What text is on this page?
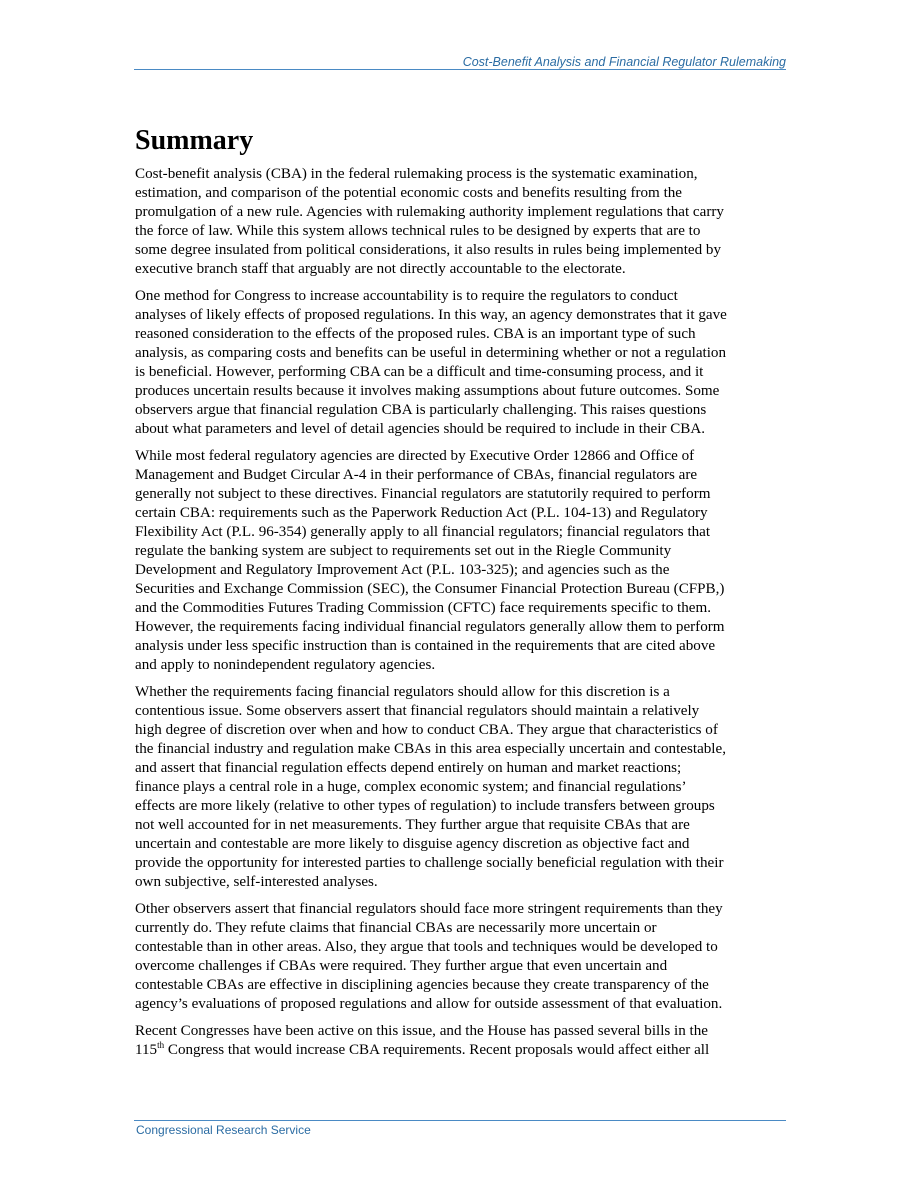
Cost-Benefit Analysis and Financial Regulator Rulemaking
Summary

Cost-benefit analysis (CBA) in the federal rulemaking process is the systematic examination,
estimation, and comparison of the potential economic costs and benefits resulting from the
promulgation of a new rule. Agencies with rulemaking authority implement regulations that carry
the force of law. While this system allows technical rules to be designed by experts that are to
some degree insulated from political considerations, it also results in rules being implemented by
executive branch staff that arguably are not directly accountable to the electorate.

One method for Congress to increase accountability is to require the regulators to conduct
analyses of likely effects of proposed regulations. In this way, an agency demonstrates that it gave
reasoned consideration to the effects of the proposed rules. CBA is an important type of such
analysis, as comparing costs and benefits can be useful in determining whether or not a regulation
is beneficial. However, performing CBA can be a difficult and time-consuming process, and it
produces uncertain results because it involves making assumptions about future outcomes. Some
observers argue that financial regulation CBA is particularly challenging. This raises questions
about what parameters and level of detail agencies should be required to include in their CBA.

While most federal regulatory agencies are directed by Executive Order 12866 and Office of
Management and Budget Circular A-4 in their performance of CBAs, financial regulators are
generally not subject to these directives. Financial regulators are statutorily required to perform
certain CBA: requirements such as the Paperwork Reduction Act (P.L. 104-13) and Regulatory
Flexibility Act (P.L. 96-354) generally apply to all financial regulators; financial regulators that
regulate the banking system are subject to requirements set out in the Riegle Community
Development and Regulatory Improvement Act (P.L. 103-325); and agencies such as the
Securities and Exchange Commission (SEC), the Consumer Financial Protection Bureau (CFPB,)
and the Commodities Futures Trading Commission (CFTC) face requirements specific to them.
However, the requirements facing individual financial regulators generally allow them to perform
analysis under less specific instruction than is contained in the requirements that are cited above
and apply to nonindependent regulatory agencies.

Whether the requirements facing financial regulators should allow for this discretion is a
contentious issue. Some observers assert that financial regulators should maintain a relatively
high degree of discretion over when and how to conduct CBA. They argue that characteristics of
the financial industry and regulation make CBAs in this area especially uncertain and contestable,
and assert that financial regulation effects depend entirely on human and market reactions;
finance plays a central role in a huge, complex economic system; and financial regulations’
effects are more likely (relative to other types of regulation) to include transfers between groups
not well accounted for in net measurements. They further argue that requisite CBAs that are
uncertain and contestable are more likely to disguise agency discretion as objective fact and
provide the opportunity for interested parties to challenge socially beneficial regulation with their
own subjective, self-interested analyses.

Other observers assert that financial regulators should face more stringent requirements than they
currently do. They refute claims that financial CBAs are necessarily more uncertain or
contestable than in other areas. Also, they argue that tools and techniques would be developed to
overcome challenges if CBAs were required. They further argue that even uncertain and
contestable CBAs are effective in disciplining agencies because they create transparency of the
agency’s evaluations of proposed regulations and allow for outside assessment of that evaluation.

Recent Congresses have been active on this issue, and the House has passed several bills in the
115th Congress that would increase CBA requirements. Recent proposals would affect either all

Congressional Research Service
